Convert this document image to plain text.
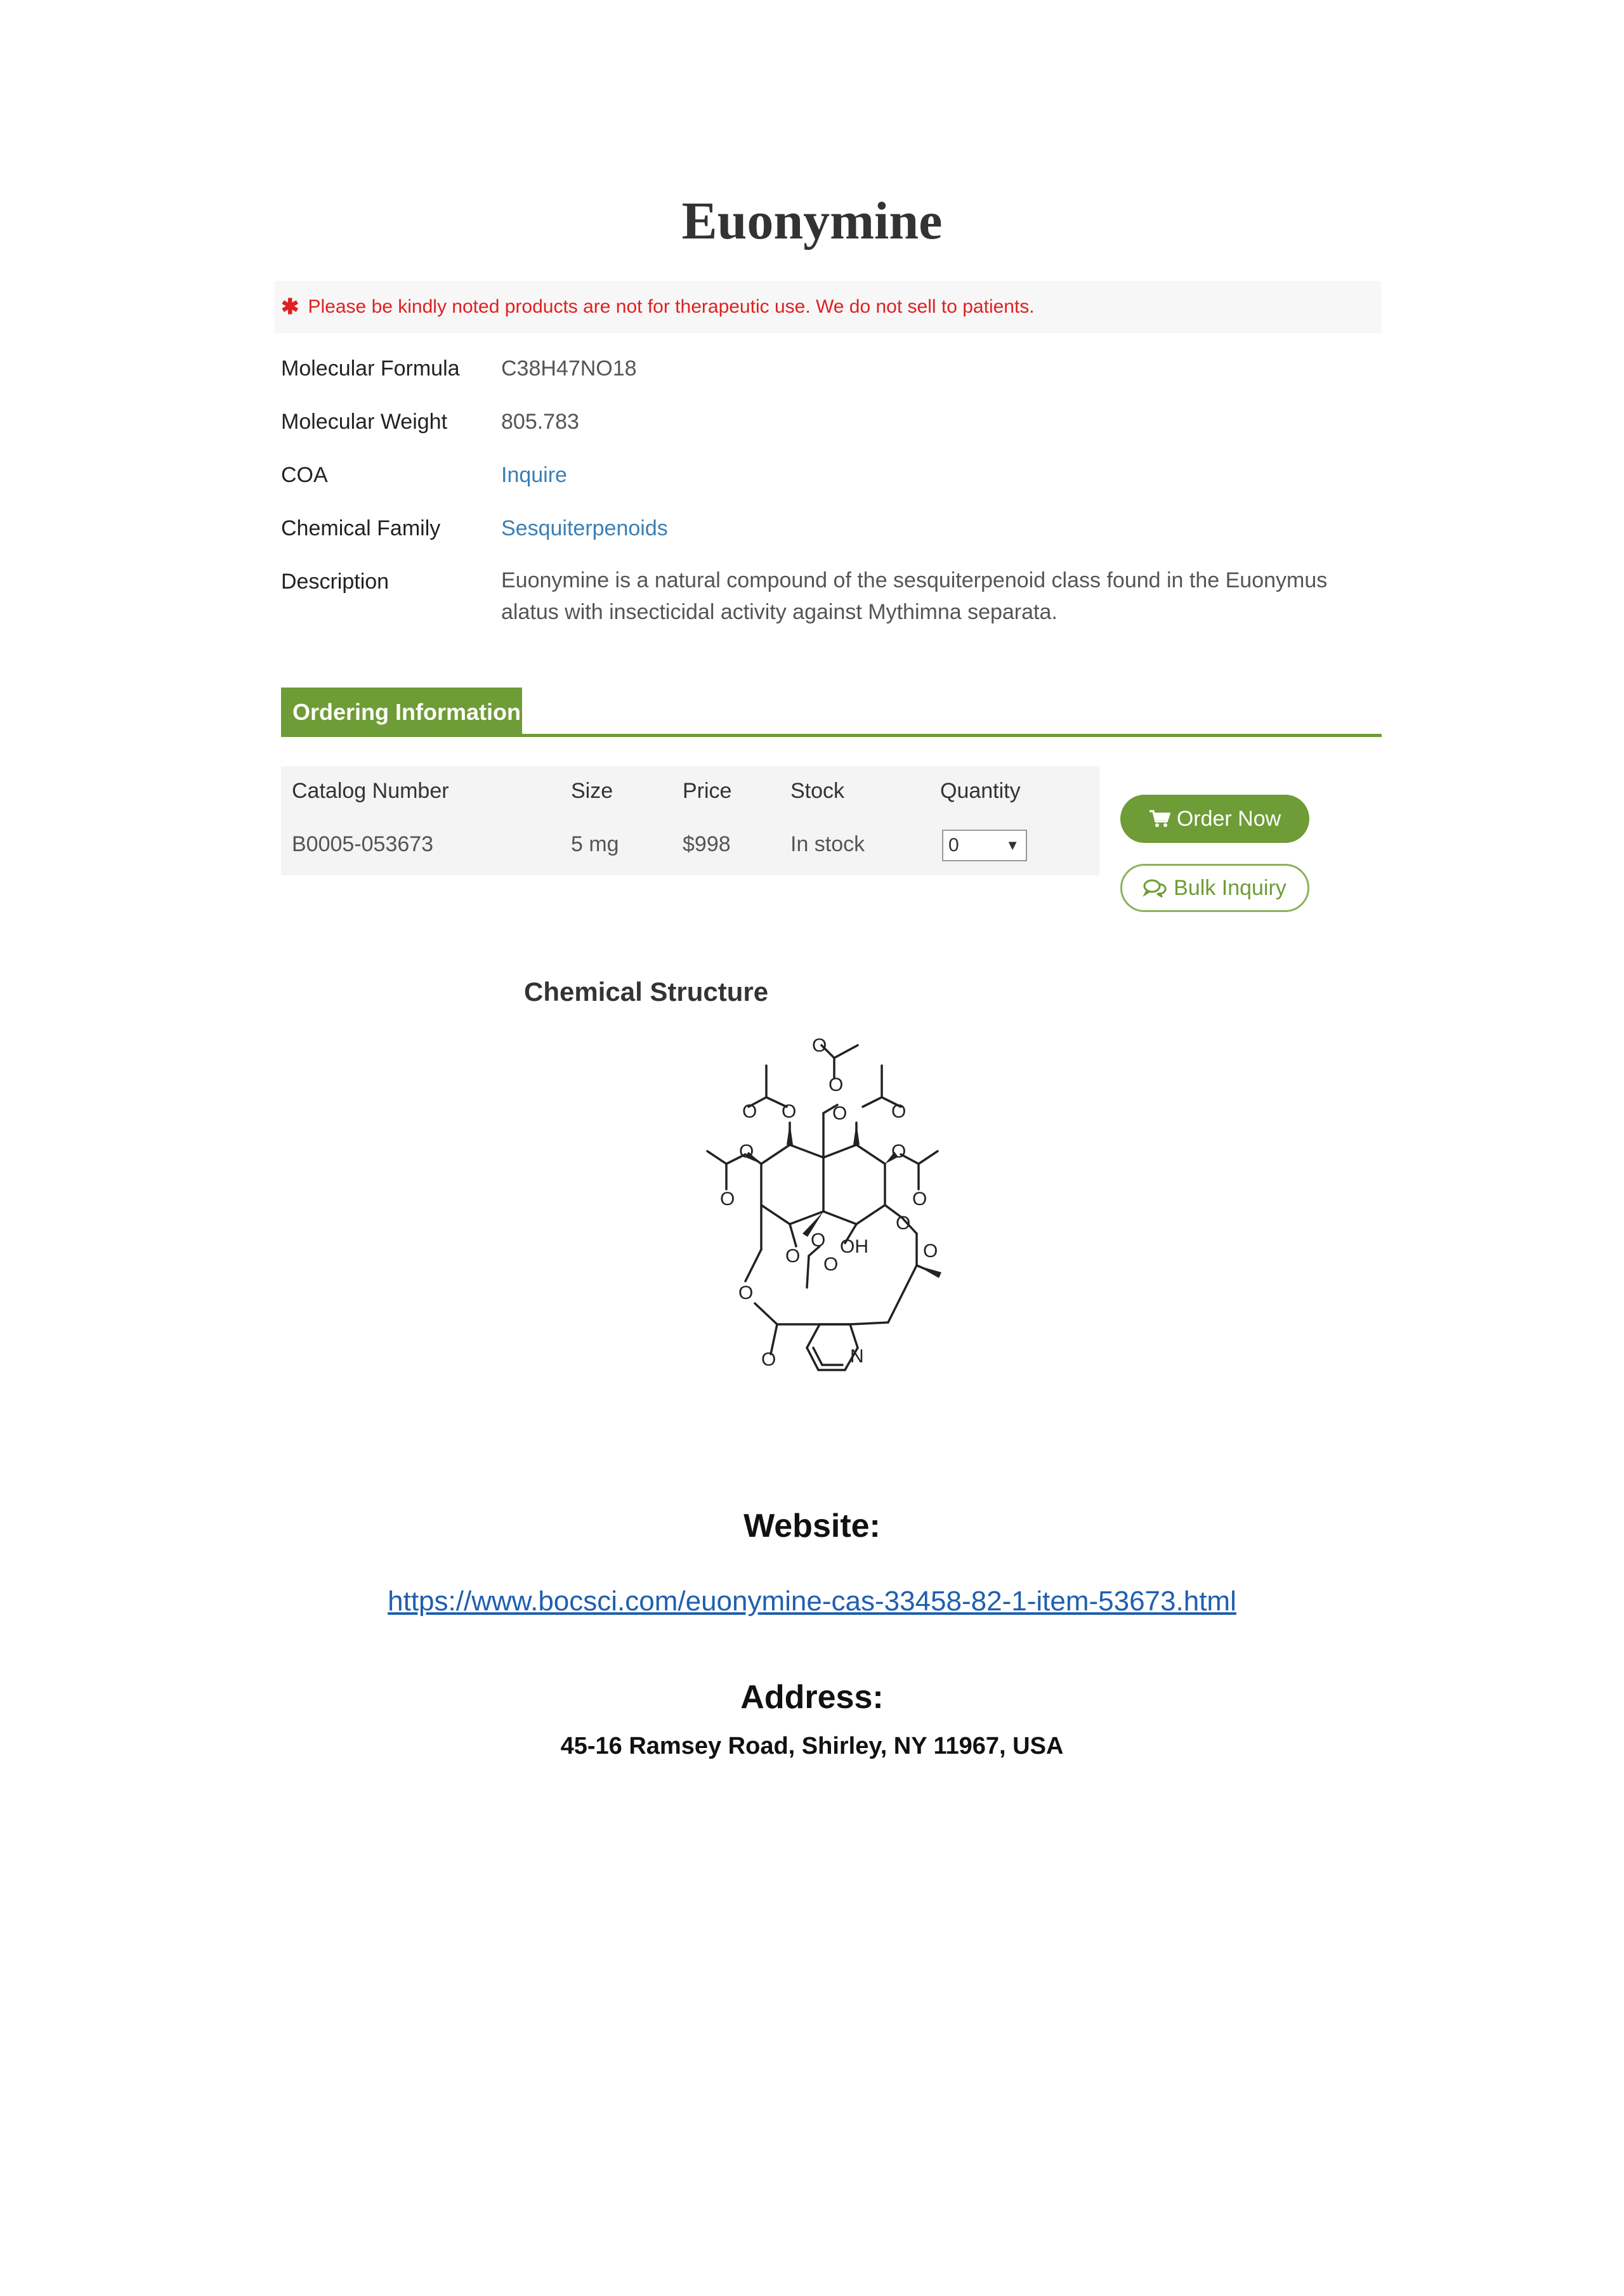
Euonymine
✱ Please be kindly noted products are not for therapeutic use. We do not sell to patients.
Molecular Formula C38H47NO18
Molecular Weight 805.783
COA	Inquire
Chemical Family	Sesquiterpenoids
Description	Euonymine is a natural compound of the sesquiterpenoid class found in the Euonymus alatus with insecticidal activity against Mythimna separata.
Ordering Information
Catalog Number	Size	Price	Stock	Quantity
B0005-053673	5 mg	$998	In stock	0	▼
Order Now
Bulk Inquiry
Chemical Structure
O
O
O O O O
O	O
O	O
O
O
O OH
O
O
O
O	N
Website:
https://www.bocsci.com/euonymine-cas-33458-82-1-item-53673.html
Address:
45-16 Ramsey Road, Shirley, NY 11967, USA
